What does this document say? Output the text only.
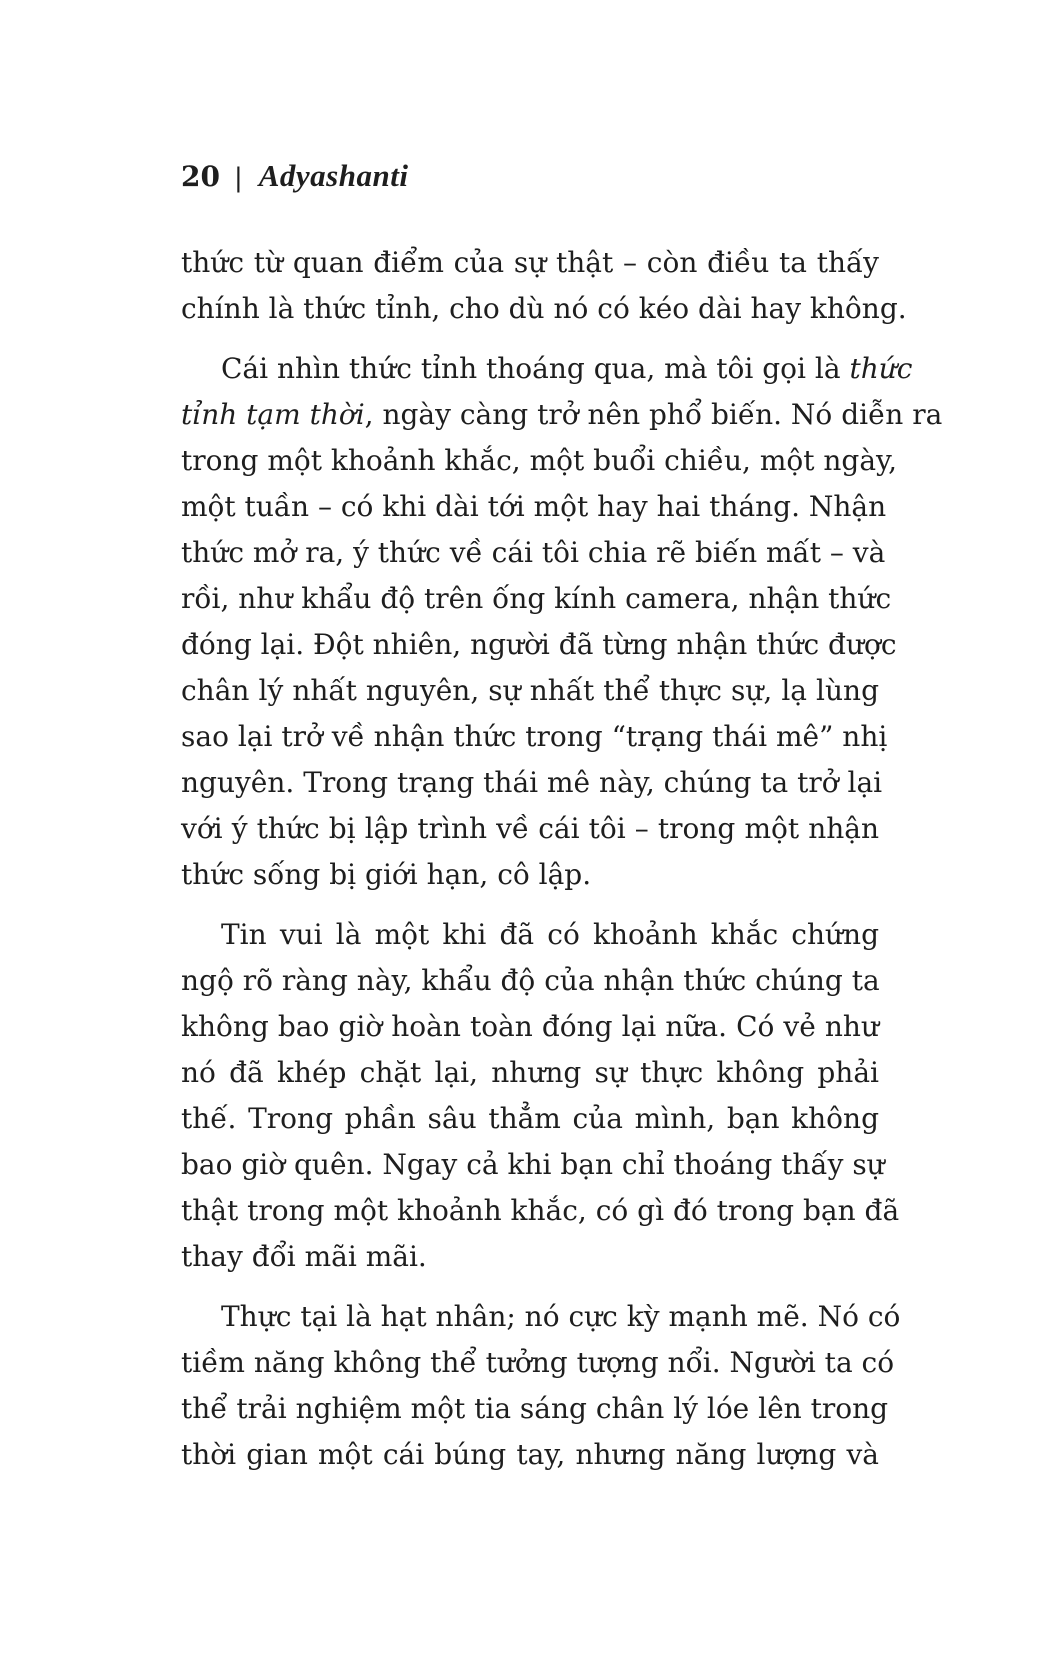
20 | Adyashanti
thức từ quan điểm của sự thật – còn điều ta thấy
chính là thức tỉnh, cho dù nó có kéo dài hay không.
Cái nhìn thức tỉnh thoáng qua, mà tôi gọi là thức
tỉnh tạm thời, ngày càng trở nên phổ biến. Nó diễn ra
trong một khoảnh khắc, một buổi chiều, một ngày,
một tuần – có khi dài tới một hay hai tháng. Nhận
thức mở ra, ý thức về cái tôi chia rẽ biến mất – và
rồi, như khẩu độ trên ống kính camera, nhận thức
đóng lại. Đột nhiên, người đã từng nhận thức được
chân lý nhất nguyên, sự nhất thể thực sự, lạ lùng
sao lại trở về nhận thức trong “trạng thái mê” nhị
nguyên. Trong trạng thái mê này, chúng ta trở lại
với ý thức bị lập trình về cái tôi – trong một nhận
thức sống bị giới hạn, cô lập.
Tin vui là một khi đã có khoảnh khắc chứng
ngộ rõ ràng này, khẩu độ của nhận thức chúng ta
không bao giờ hoàn toàn đóng lại nữa. Có vẻ như
nó đã khép chặt lại, nhưng sự thực không phải
thế. Trong phần sâu thẳm của mình, bạn không
bao giờ quên. Ngay cả khi bạn chỉ thoáng thấy sự
thật trong một khoảnh khắc, có gì đó trong bạn đã
thay đổi mãi mãi.
Thực tại là hạt nhân; nó cực kỳ mạnh mẽ. Nó có
tiềm năng không thể tưởng tượng nổi. Người ta có
thể trải nghiệm một tia sáng chân lý lóe lên trong
thời gian một cái búng tay, nhưng năng lượng và
